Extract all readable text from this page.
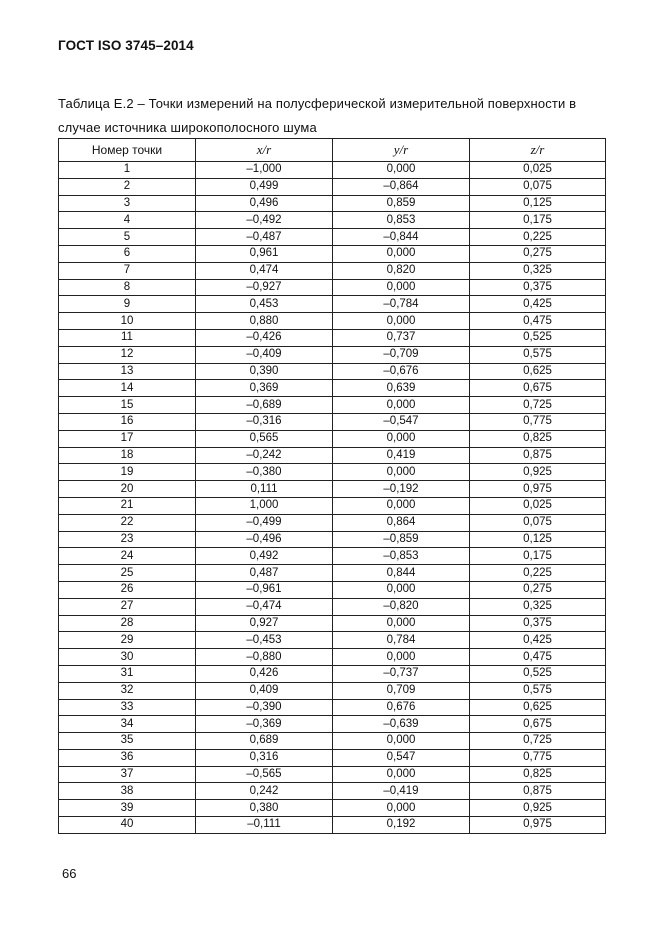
ГОСТ ISO 3745–2014
Таблица Е.2 – Точки измерений на полусферической измерительной поверхности в
случае источника широкополосного шума
Номер точки	x/r	y/r	z/r
1	–1,000	0,000	0,025
2	0,499	–0,864	0,075
3	0,496	0,859	0,125
4	–0,492	0,853	0,175
5	–0,487	–0,844	0,225
6	0,961	0,000	0,275
7	0,474	0,820	0,325
8	–0,927	0,000	0,375
9	0,453	–0,784	0,425
10	0,880	0,000	0,475
11	–0,426	0,737	0,525
12	–0,409	–0,709	0,575
13	0,390	–0,676	0,625
14	0,369	0,639	0,675
15	–0,689	0,000	0,725
16	–0,316	–0,547	0,775
17	0,565	0,000	0,825
18	–0,242	0,419	0,875
19	–0,380	0,000	0,925
20	0,111	–0,192	0,975
21	1,000	0,000	0,025
22	–0,499	0,864	0,075
23	–0,496	–0,859	0,125
24	0,492	–0,853	0,175
25	0,487	0,844	0,225
26	–0,961	0,000	0,275
27	–0,474	–0,820	0,325
28	0,927	0,000	0,375
29	–0,453	0,784	0,425
30	–0,880	0,000	0,475
31	0,426	–0,737	0,525
32	0,409	0,709	0,575
33	–0,390	0,676	0,625
34	–0,369	–0,639	0,675
35	0,689	0,000	0,725
36	0,316	0,547	0,775
37	–0,565	0,000	0,825
38	0,242	–0,419	0,875
39	0,380	0,000	0,925
40	–0,111	0,192	0,975
66
